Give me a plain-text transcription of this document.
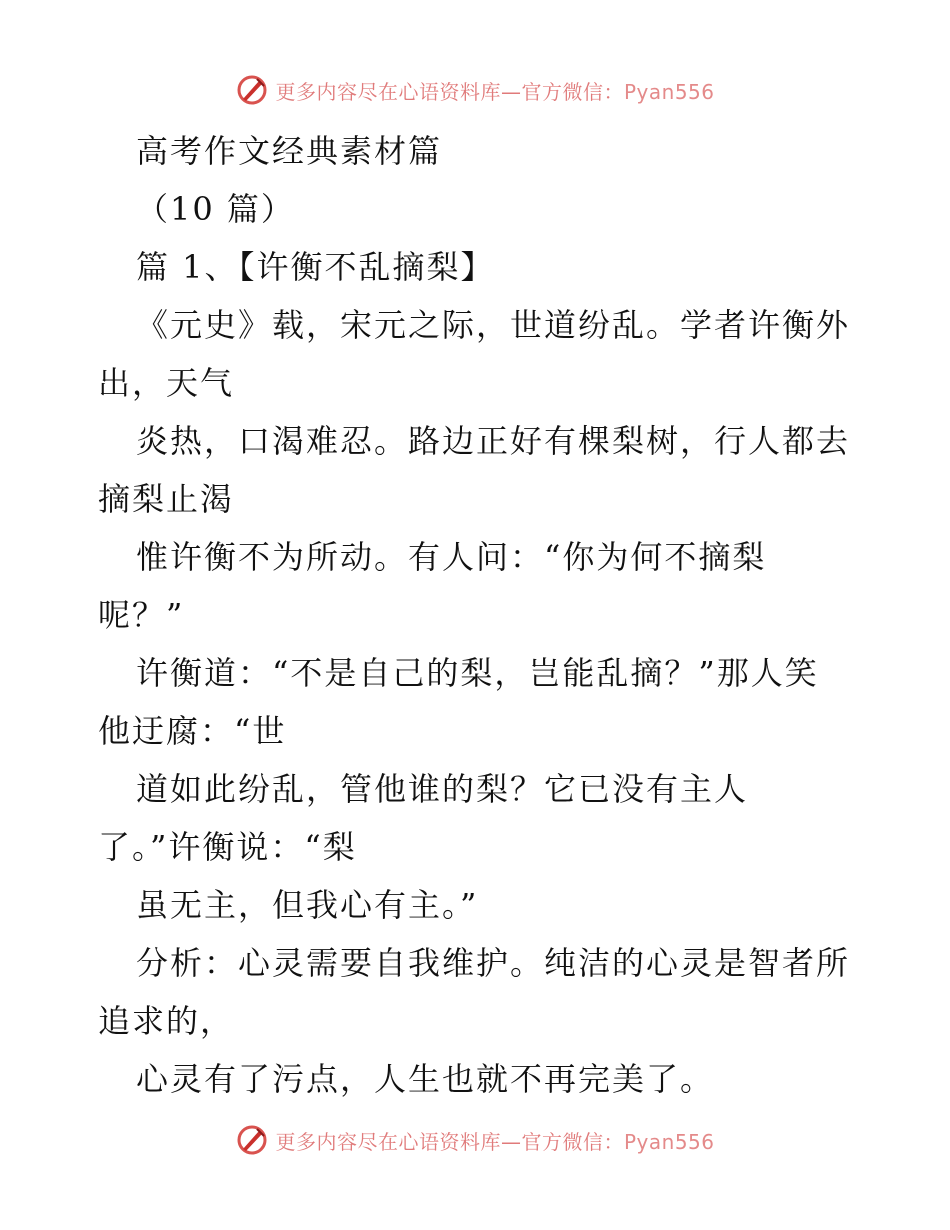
更多内容尽在心语资料库—官方微信：Pyan556
高考作文经典素材篇
（10 篇）
篇 1、【许衡不乱摘梨】
《元史》载，宋元之际，世道纷乱。学者许衡外
出，天气
炎热，口渴难忍。路边正好有棵梨树，行人都去
摘梨止渴
惟许衡不为所动。有人问：“你为何不摘梨
呢？”
许衡道：“不是自己的梨，岂能乱摘？”那人笑
他迂腐：“世
道如此纷乱，管他谁的梨？它已没有主人
了。”许衡说：“梨
虽无主，但我心有主。”
分析：心灵需要自我维护。纯洁的心灵是智者所
追求的，
心灵有了污点，人生也就不再完美了。
更多内容尽在心语资料库—官方微信：Pyan556
